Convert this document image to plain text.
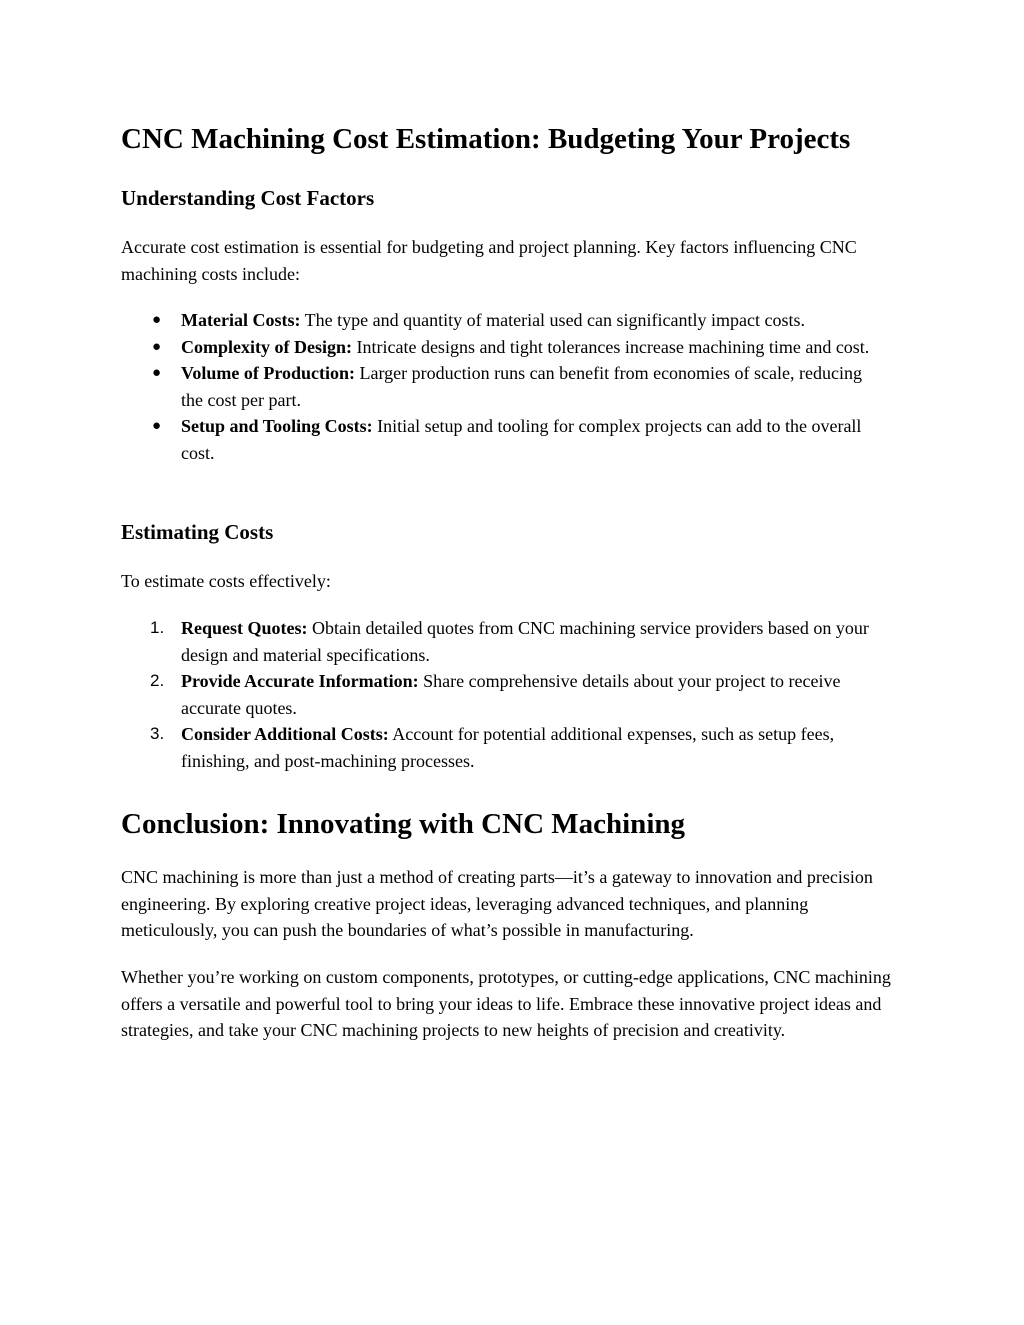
CNC Machining Cost Estimation: Budgeting Your Projects
Understanding Cost Factors

Accurate cost estimation is essential for budgeting and project planning. Key factors influencing CNC machining costs include:

● Material Costs: The type and quantity of material used can significantly impact costs.
● Complexity of Design: Intricate designs and tight tolerances increase machining time and cost.
● Volume of Production: Larger production runs can benefit from economies of scale, reducing the cost per part.
● Setup and Tooling Costs: Initial setup and tooling for complex projects can add to the overall cost.
Estimating Costs

To estimate costs effectively:

1. Request Quotes: Obtain detailed quotes from CNC machining service providers based on your design and material specifications.
2. Provide Accurate Information: Share comprehensive details about your project to receive accurate quotes.
3. Consider Additional Costs: Account for potential additional expenses, such as setup fees, finishing, and post-machining processes.
Conclusion: Innovating with CNC Machining

CNC machining is more than just a method of creating parts—it’s a gateway to innovation and precision engineering. By exploring creative project ideas, leveraging advanced techniques, and planning meticulously, you can push the boundaries of what’s possible in manufacturing.

Whether you’re working on custom components, prototypes, or cutting-edge applications, CNC machining offers a versatile and powerful tool to bring your ideas to life. Embrace these innovative project ideas and strategies, and take your CNC machining projects to new heights of precision and creativity.
